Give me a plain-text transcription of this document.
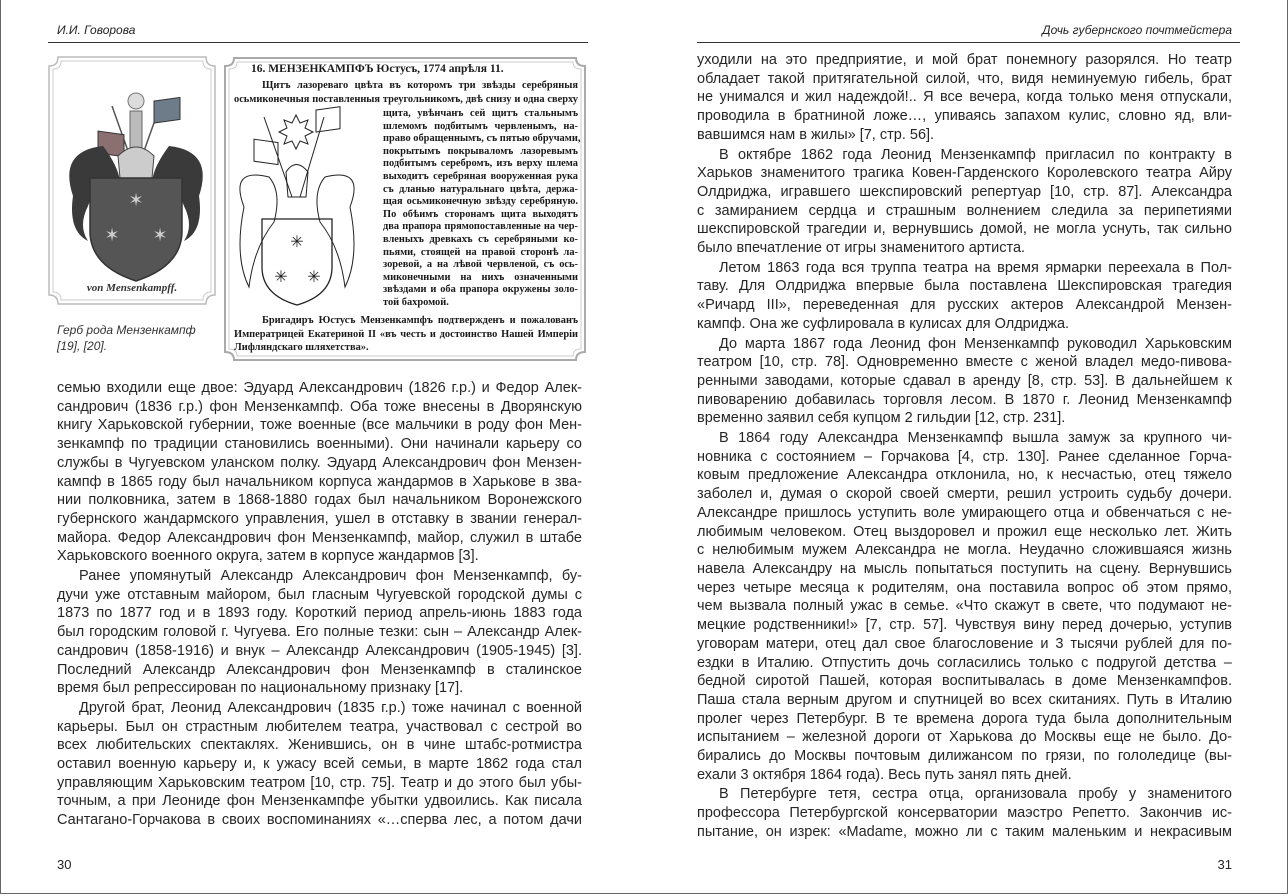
И.И. Говорова
✶
✶ ✶
von Mensenkampff.
Герб рода Мензенкампф
[19], [20].
✳
✳ ✳
16. МЕНЗЕНКАМПФЪ Юстусъ, 1774 апрѣля 11.
Щитъ лазореваго цвѣта въ которомъ три звѣзды серебряныя
осьмиконечныя поставленныя треугольникомъ, двѣ снизу и одна сверху
щита, увѣнчанъ сей щитъ стальнымъ
шлемомъ подбитымъ червленымъ, на-
право обращеннымъ, съ пятью обручами,
покрытымъ покрываломъ лазоревымъ
подбитымъ серебромъ, изъ верху шлема
выходитъ серебряная вооруженная рука
съ дланью натуральнаго цвѣта, держа-
щая осьмиконечную звѣзду серебряную.
По обѣимъ сторонамъ щита выходятъ
два прапора прямопоставленные на чер-
вленыхъ древкахъ съ серебряными ко-
пьями, стоящей на правой сторонѣ ла-
зоревой, а на лѣвой червленой, съ ось-
миконечными на нихъ означенными
звѣздами и оба прапора окружены золо-
той бахромой.
Бригадиръ Юстусъ Мензенкампфъ подтвержденъ и пожалованъ
Императрицей Екатериной II «въ честь и достоинство Нашей Имперiи
Лифляндскаго шляхетства».
семью входили еще двое: Эдуард Александрович (1826 г.р.) и Федор Алек-
сандрович (1836 г.р.) фон Мензенкампф. Оба тоже внесены в Дворянскую
книгу Харьковской губернии, тоже военные (все мальчики в роду фон Мен-
зенкампф по традиции становились военными). Они начинали карьеру со
службы в Чугуевском уланском полку. Эдуард Александрович фон Мензен-
кампф в 1865 году был начальником корпуса жандармов в Харькове в зва-
нии полковника, затем в 1868-1880 годах был начальником Воронежского
губернского жандармского управления, ушел в отставку в звании генерал-
майора. Федор Александрович фон Мензенкампф, майор, служил в штабе
Харьковского военного округа, затем в корпусе жандармов [3].
Ранее упомянутый Александр Александрович фон Мензенкампф, бу-
дучи уже отставным майором, был гласным Чугуевской городской думы с
1873 по 1877 год и в 1893 году. Короткий период апрель-июнь 1883 года
был городским головой г. Чугуева. Его полные тезки: сын – Александр Алек-
сандрович (1858-1916) и внук – Александр Александрович (1905-1945) [3].
Последний Александр Александрович фон Мензенкампф в сталинское
время был репрессирован по национальному признаку [17].
Другой брат, Леонид Александрович (1835 г.р.) тоже начинал с военной
карьеры. Был он страстным любителем театра, участвовал с сестрой во
всех любительских спектаклях. Женившись, он в чине штабс-ротмистра
оставил военную карьеру и, к ужасу всей семьи, в марте 1862 года стал
управляющим Харьковским театром [10, стр. 75]. Театр и до этого был убы-
точным, а при Леониде фон Мензенкампфе убытки удвоились. Как писала
Сантагано-Горчакова в своих воспоминаниях «…сперва лес, а потом дачи
30
Дочь губернского почтмейстера
уходили на это предприятие, и мой брат понемногу разорялся. Но театр
обладает такой притягательной силой, что, видя неминуемую гибель, брат
не унимался и жил надеждой!.. Я все вечера, когда только меня отпускали,
проводила в братниной ложе…, упиваясь запахом кулис, словно яд, вли-
вавшимся нам в жилы» [7, стр. 56].
В октябре 1862 года Леонид Мензенкампф пригласил по контракту в
Харьков знаменитого трагика Ковен-Гарденского Королевского театра Айру
Олдриджа, игравшего шекспировский репертуар [10, стр. 87]. Александра
с замиранием сердца и страшным волнением следила за перипетиями
шекспировской трагедии и, вернувшись домой, не могла уснуть, так сильно
было впечатление от игры знаменитого артиста.
Летом 1863 года вся труппа театра на время ярмарки переехала в Пол-
таву. Для Олдриджа впервые была поставлена Шекспировская трагедия
«Ричард III», переведенная для русских актеров Александрой Мензен-
кампф. Она же суфлировала в кулисах для Олдриджа.
До марта 1867 года Леонид фон Мензенкампф руководил Харьковским
театром [10, стр. 78]. Одновременно вместе с женой владел медо-пивова-
ренными заводами, которые сдавал в аренду [8, стр. 53]. В дальнейшем к
пивоварению добавилась торговля лесом. В 1870 г. Леонид Мензенкампф
временно заявил себя купцом 2 гильдии [12, стр. 231].
В 1864 году Александра Мензенкампф вышла замуж за крупного чи-
новника с состоянием – Горчакова [4, стр. 130]. Ранее сделанное Горча-
ковым предложение Александра отклонила, но, к несчастью, отец тяжело
заболел и, думая о скорой своей смерти, решил устроить судьбу дочери.
Александре пришлось уступить воле умирающего отца и обвенчаться с не-
любимым человеком. Отец выздоровел и прожил еще несколько лет. Жить
с нелюбимым мужем Александра не могла. Неудачно сложившаяся жизнь
навела Александру на мысль попытаться поступить на сцену. Вернувшись
через четыре месяца к родителям, она поставила вопрос об этом прямо,
чем вызвала полный ужас в семье. «Что скажут в свете, что подумают не-
мецкие родственники!» [7, стр. 57]. Чувствуя вину перед дочерью, уступив
уговорам матери, отец дал свое благословение и 3 тысячи рублей для по-
ездки в Италию. Отпустить дочь согласились только с подругой детства –
бедной сиротой Пашей, которая воспитывалась в доме Мензенкампфов.
Паша стала верным другом и спутницей во всех скитаниях. Путь в Италию
пролег через Петербург. В те времена дорога туда была дополнительным
испытанием – железной дороги от Харькова до Москвы еще не было. До-
бирались до Москвы почтовым дилижансом по грязи, по гололедице (вы-
ехали 3 октября 1864 года). Весь путь занял пять дней.
В Петербурге тетя, сестра отца, организовала пробу у знаменитого
профессора Петербургской консерватории маэстро Репетто. Закончив ис-
пытание, он изрек: «Madame, можно ли с таким маленьким и некрасивым
31
